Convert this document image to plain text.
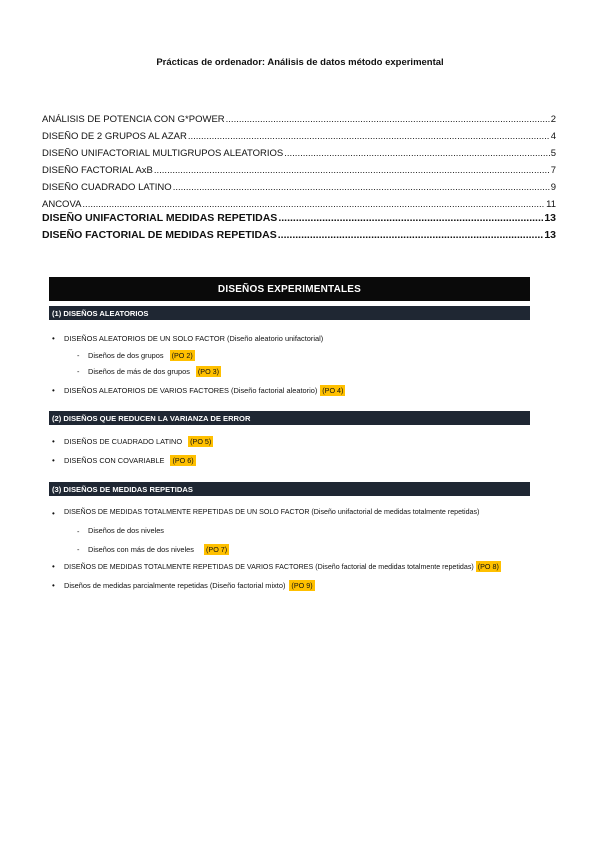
Prácticas de ordenador: Análisis de datos método experimental
ANÁLISIS DE POTENCIA CON G*POWER .....	2
DISEÑO DE 2 GRUPOS AL AZAR .....	4
DISEÑO UNIFACTORIAL MULTIGRUPOS ALEATORIOS .....	5
DISEÑO FACTORIAL AxB .....	7
DISEÑO CUADRADO LATINO .....	9
ANCOVA .....	11
DISEÑO UNIFACTORIAL MEDIDAS REPETIDAS .....	13
DISEÑO FACTORIAL DE MEDIDAS REPETIDAS .....	13
DISEÑOS EXPERIMENTALES
(1) DISEÑOS ALEATORIOS
• DISEÑOS ALEATORIOS DE UN SOLO FACTOR (Diseño aleatorio unifactorial)
- Diseños de dos grupos (PO 2)
- Diseños de más de dos grupos (PO 3)
• DISEÑOS ALEATORIOS DE VARIOS FACTORES (Diseño factorial aleatorio) (PO 4)
(2) DISEÑOS QUE REDUCEN LA VARIANZA DE ERROR
• DISEÑOS DE CUADRADO LATINO (PO 5)
• DISEÑOS CON COVARIABLE (PO 6)
(3) DISEÑOS DE MEDIDAS REPETIDAS
• DISEÑOS DE MEDIDAS TOTALMENTE REPETIDAS DE UN SOLO FACTOR (Diseño unifactorial de medidas totalmente repetidas)
- Diseños de dos niveles
- Diseños con más de dos niveles (PO 7)
• DISEÑOS DE MEDIDAS TOTALMENTE REPETIDAS DE VARIOS FACTORES (Diseño factorial de medidas totalmente repetidas) (PO 8)
• Diseños de medidas parcialmente repetidas (Diseño factorial mixto) (PO 9)
